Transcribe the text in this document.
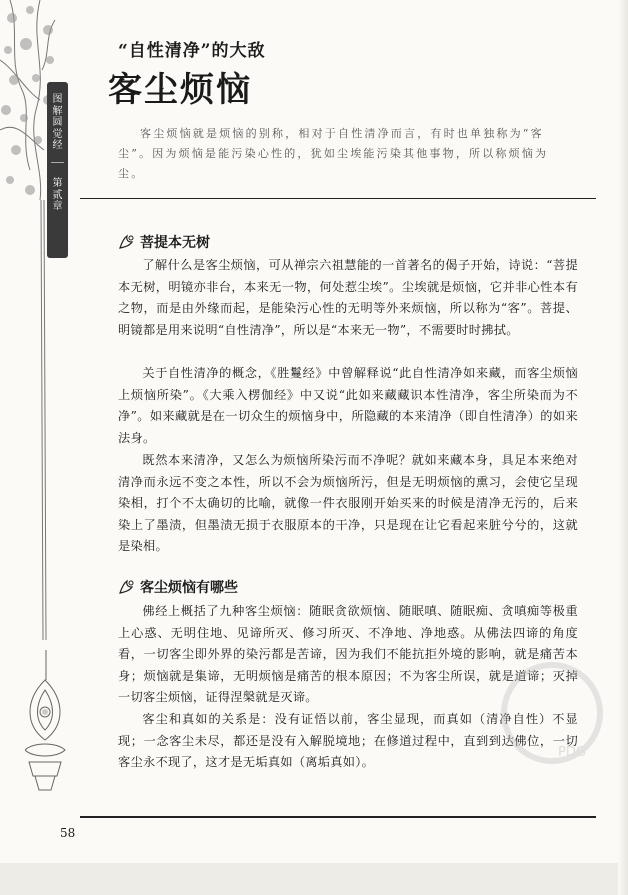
图
解
圆
觉
经
第
贰
章
“自性清净”的大敌
客尘烦恼
客尘烦恼就是烦恼的别称，相对于自性清净而言，有时也单独称为“客尘”。因为烦恼是能污染心性的，犹如尘埃能污染其他事物，所以称烦恼为尘。
菩提本无树
了解什么是客尘烦恼，可从禅宗六祖慧能的一首著名的偈子开始，诗说：“菩提本无树，明镜亦非台，本来无一物，何处惹尘埃”。尘埃就是烦恼，它并非心性本有之物，而是由外缘而起，是能染污心性的无明等外来烦恼，所以称为“客”。菩提、明镜都是用来说明“自性清净”，所以是“本来无一物”，不需要时时拂拭。
关于自性清净的概念，《胜鬘经》中曾解释说“此自性清净如来藏，而客尘烦恼上烦恼所染”。《大乘入楞伽经》中又说“此如来藏藏识本性清净，客尘所染而为不净”。如来藏就是在一切众生的烦恼身中，所隐藏的本来清净（即自性清净）的如来法身。
既然本来清净，又怎么为烦恼所染污而不净呢？就如来藏本身，具足本来绝对清净而永远不变之本性，所以不会为烦恼所污，但是无明烦恼的熏习，会使它呈现染相，打个不太确切的比喻，就像一件衣服刚开始买来的时候是清净无污的，后来染上了墨渍，但墨渍无损于衣服原本的干净，只是现在让它看起来脏兮兮的，这就是染相。
客尘烦恼有哪些
佛经上概括了九种客尘烦恼：随眠贪欲烦恼、随眠嗔、随眠痴、贪嗔痴等极重上心惑、无明住地、见谛所灭、修习所灭、不净地、净地惑。从佛法四谛的角度看，一切客尘即外界的染污都是苦谛，因为我们不能抗拒外境的影响，就是痛苦本身；烦恼就是集谛，无明烦恼是痛苦的根本原因；不为客尘所误，就是道谛；灭掉一切客尘烦恼，证得涅槃就是灭谛。
客尘和真如的关系是：没有证悟以前，客尘显现，而真如（清净自性）不显现；一念客尘未尽，都还是没有入解脱境地；在修道过程中，直到到达佛位，一切客尘永不现了，这才是无垢真如（离垢真如）。
PDG
58
